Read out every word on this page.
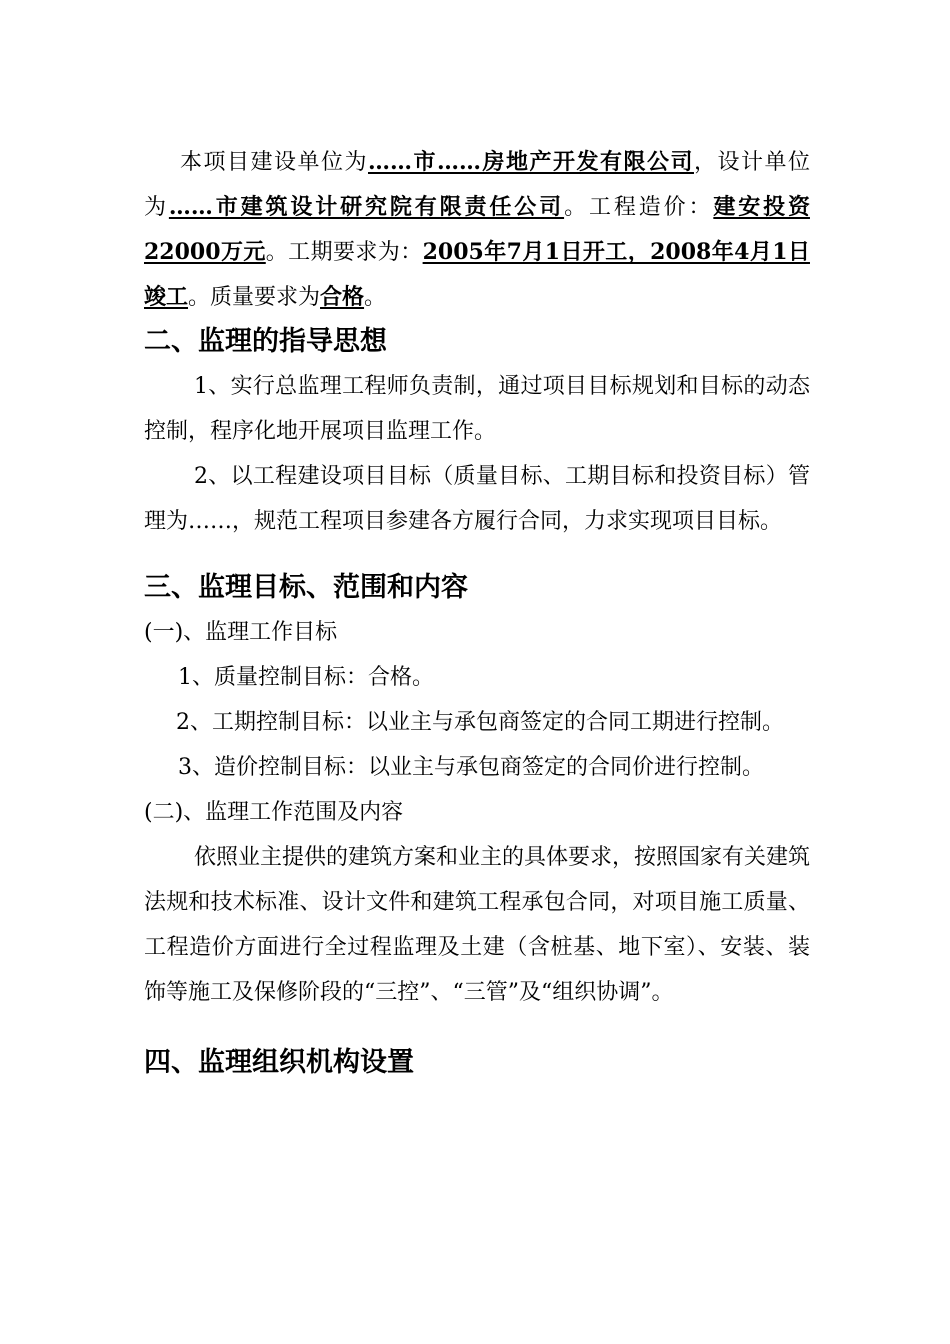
本项目建设单位为……市……房地产开发有限公司，设计单位为……市建筑设计研究院有限责任公司。工程造价：建安投资22000万元。工期要求为：2005年7月1日开工，2008年4月1日竣工。质量要求为合格。

二、监理的指导思想

1、实行总监理工程师负责制，通过项目目标规划和目标的动态控制，程序化地开展项目监理工作。

2、以工程建设项目目标（质量目标、工期目标和投资目标）管理为……，规范工程项目参建各方履行合同，力求实现项目目标。

三、监理目标、范围和内容

(一)、监理工作目标

1、质量控制目标：合格。

2、工期控制目标：以业主与承包商签定的合同工期进行控制。

3、造价控制目标：以业主与承包商签定的合同价进行控制。

(二)、监理工作范围及内容

依照业主提供的建筑方案和业主的具体要求，按照国家有关建筑法规和技术标准、设计文件和建筑工程承包合同，对项目施工质量、工程造价方面进行全过程监理及土建（含桩基、地下室）、安装、装饰等施工及保修阶段的“三控”、“三管”及“组织协调”。

四、监理组织机构设置
